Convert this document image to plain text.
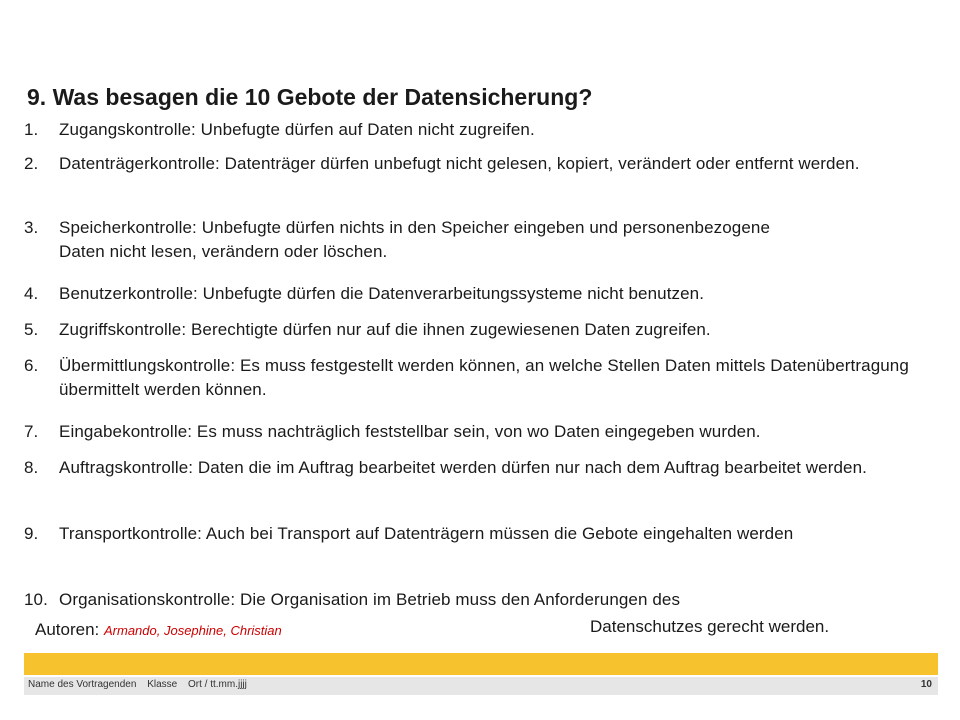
9. Was besagen die 10 Gebote der Datensicherung?
1. Zugangskontrolle: Unbefugte dürfen auf Daten nicht zugreifen.
2. Datenträgerkontrolle: Datenträger dürfen unbefugt nicht gelesen, kopiert, verändert oder entfernt werden.
3. Speicherkontrolle: Unbefugte dürfen nichts in den Speicher eingeben und personenbezogene Daten nicht lesen, verändern oder löschen.
4. Benutzerkontrolle: Unbefugte dürfen die Datenverarbeitungssysteme nicht benutzen.
5. Zugriffskontrolle: Berechtigte dürfen nur auf die ihnen zugewiesenen Daten zugreifen.
6. Übermittlungskontrolle: Es muss festgestellt werden können, an welche Stellen Daten mittels Datenübertragung übermittelt werden können.
7. Eingabekontrolle: Es muss nachträglich feststellbar sein, von wo Daten eingegeben wurden.
8. Auftragskontrolle: Daten die im Auftrag bearbeitet werden dürfen nur nach dem Auftrag bearbeitet werden.
9. Transportkontrolle: Auch bei Transport auf Datenträgern müssen die Gebote eingehalten werden
10. Organisationskontrolle: Die Organisation im Betrieb muss den Anforderungen des
Autoren: Armando, Josephine, Christian	Datenschutzes gerecht werden.
Name des Vortragenden Klasse Ort / tt.mm.jjjj	10
